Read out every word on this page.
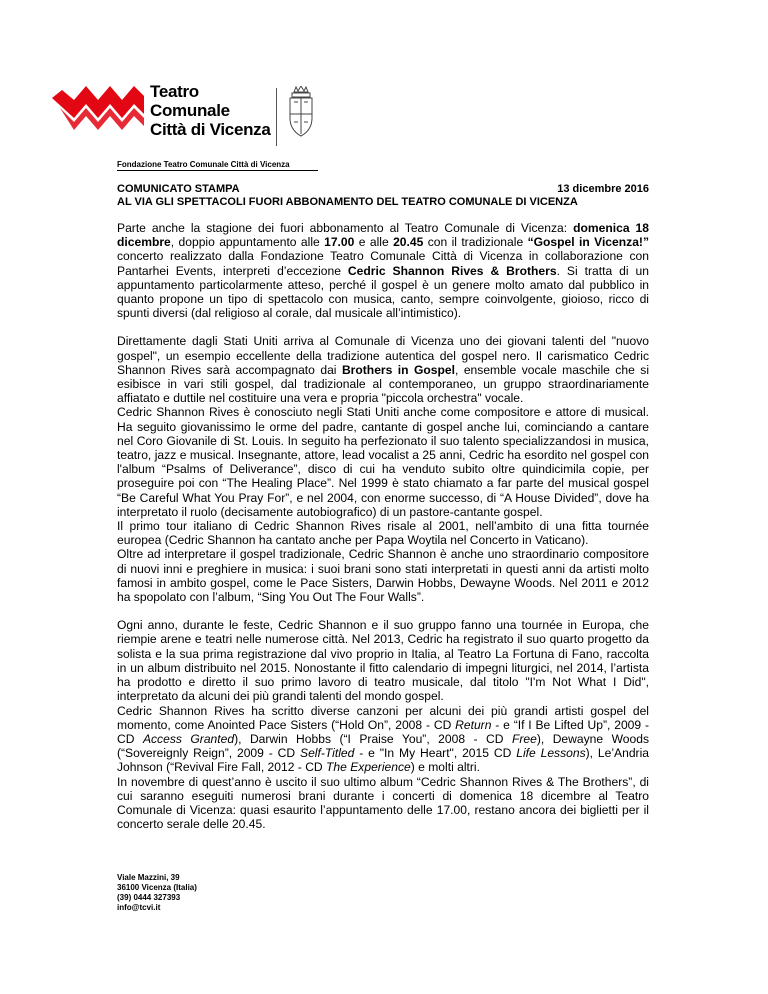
Teatro
Comunale
Città di Vicenza
Fondazione Teatro Comunale Città di Vicenza
COMUNICATO STAMPA	13 dicembre 2016
AL VIA GLI SPETTACOLI FUORI ABBONAMENTO DEL TEATRO COMUNALE DI VICENZA

Parte anche la stagione dei fuori abbonamento al Teatro Comunale di Vicenza: domenica 18 dicembre, doppio appuntamento alle 17.00 e alle 20.45 con il tradizionale “Gospel in Vicenza!” concerto realizzato dalla Fondazione Teatro Comunale Città di Vicenza in collaborazione con Pantarhei Events, interpreti d’eccezione Cedric Shannon Rives & Brothers. Si tratta di un appuntamento particolarmente atteso, perché il gospel è un genere molto amato dal pubblico in quanto propone un tipo di spettacolo con musica, canto, sempre coinvolgente, gioioso, ricco di spunti diversi (dal religioso al corale, dal musicale all’intimistico).

Direttamente dagli Stati Uniti arriva al Comunale di Vicenza uno dei giovani talenti del "nuovo gospel", un esempio eccellente della tradizione autentica del gospel nero. Il carismatico Cedric Shannon Rives sarà accompagnato dai Brothers in Gospel, ensemble vocale maschile che si esibisce in vari stili gospel, dal tradizionale al contemporaneo, un gruppo straordinariamente affiatato e duttile nel costituire una vera e propria "piccola orchestra" vocale.

Cedric Shannon Rives è conosciuto negli Stati Uniti anche come compositore e attore di musical. Ha seguito giovanissimo le orme del padre, cantante di gospel anche lui, cominciando a cantare nel Coro Giovanile di St. Louis. In seguito ha perfezionato il suo talento specializzandosi in musica, teatro, jazz e musical. Insegnante, attore, lead vocalist a 25 anni, Cedric ha esordito nel gospel con l'album “Psalms of Deliverance”, disco di cui ha venduto subito oltre quindicimila copie, per proseguire poi con “The Healing Place”. Nel 1999 è stato chiamato a far parte del musical gospel “Be Careful What You Pray For”, e nel 2004, con enorme successo, di “A House Divided”, dove ha interpretato il ruolo (decisamente autobiografico) di un pastore-cantante gospel.

Il primo tour italiano di Cedric Shannon Rives risale al 2001, nell’ambito di una fitta tournée europea (Cedric Shannon ha cantato anche per Papa Woytila nel Concerto in Vaticano).

Oltre ad interpretare il gospel tradizionale, Cedric Shannon è anche uno straordinario compositore di nuovi inni e preghiere in musica: i suoi brani sono stati interpretati in questi anni da artisti molto famosi in ambito gospel, come le Pace Sisters, Darwin Hobbs, Dewayne Woods. Nel 2011 e 2012 ha spopolato con l’album, “Sing You Out The Four Walls”.

Ogni anno, durante le feste, Cedric Shannon e il suo gruppo fanno una tournée in Europa, che riempie arene e teatri nelle numerose città. Nel 2013, Cedric ha registrato il suo quarto progetto da solista e la sua prima registrazione dal vivo proprio in Italia, al Teatro La Fortuna di Fano, raccolta in un album distribuito nel 2015. Nonostante il fitto calendario di impegni liturgici, nel 2014, l’artista ha prodotto e diretto il suo primo lavoro di teatro musicale, dal titolo "I'm Not What I Did", interpretato da alcuni dei più grandi talenti del mondo gospel.

Cedric Shannon Rives ha scritto diverse canzoni per alcuni dei più grandi artisti gospel del momento, come Anointed Pace Sisters (“Hold On”, 2008 - CD Return - e “If I Be Lifted Up”, 2009 - CD Access Granted), Darwin Hobbs (“I Praise You”, 2008 - CD Free), Dewayne Woods (“Sovereignly Reign”, 2009 - CD Self-Titled - e "In My Heart", 2015 CD Life Lessons), Le’Andria Johnson (“Revival Fire Fall, 2012 - CD The Experience) e molti altri.

In novembre di quest’anno è uscito il suo ultimo album “Cedric Shannon Rives & The Brothers”, di cui saranno eseguiti numerosi brani durante i concerti di domenica 18 dicembre al Teatro Comunale di Vicenza: quasi esaurito l’appuntamento delle 17.00, restano ancora dei biglietti per il concerto serale delle 20.45.

Viale Mazzini, 39
36100 Vicenza (Italia)
(39) 0444 327393
info@tcvi.it
